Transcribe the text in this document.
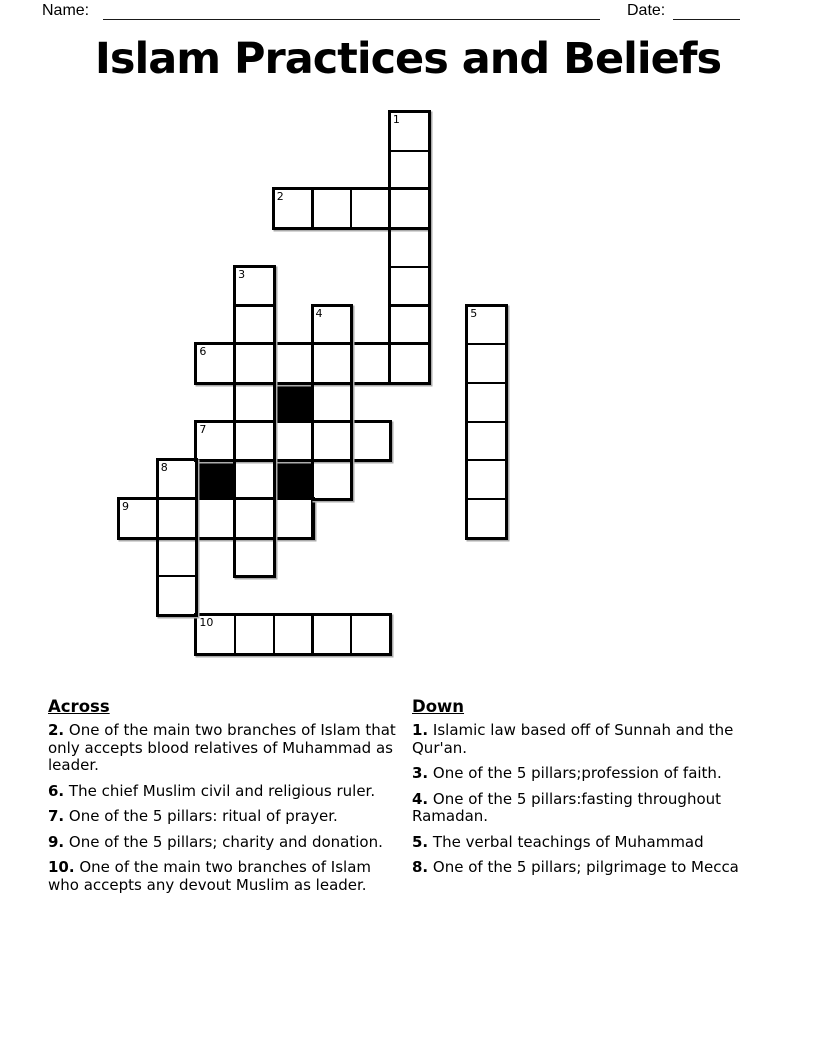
Name:	Date:
Islam Practices and Beliefs
1
2
3
4	5
6
7
8
9
10
Across

2. One of the main two branches of Islam that only accepts blood relatives of Muhammad as leader.

6. The chief Muslim civil and religious ruler.

7. One of the 5 pillars: ritual of prayer.

9. One of the 5 pillars; charity and donation.

10. One of the main two branches of Islam who accepts any devout Muslim as leader.

Down

1. Islamic law based off of Sunnah and the Qur'an.

3. One of the 5 pillars;profession of faith.

4. One of the 5 pillars:fasting throughout Ramadan.

5. The verbal teachings of Muhammad

8. One of the 5 pillars; pilgrimage to Mecca
